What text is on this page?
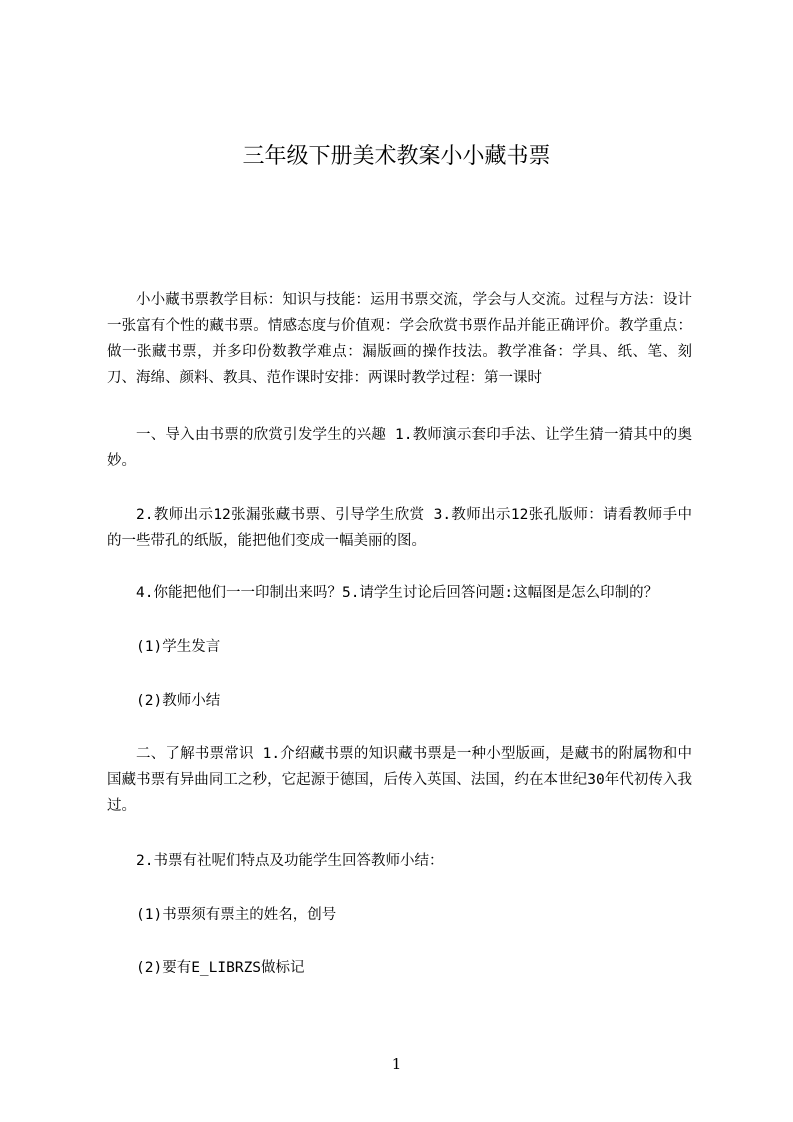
三年级下册美术教案小小藏书票

小小藏书票教学目标：知识与技能：运用书票交流，学会与人交流。过程与方法：设计一张富有个性的藏书票。情感态度与价值观：学会欣赏书票作品并能正确评价。教学重点：做一张藏书票，并多印份数教学难点：漏版画的操作技法。教学准备：学具、纸、笔、刻刀、海绵、颜料、教具、范作课时安排：两课时教学过程：第一课时

一、导入由书票的欣赏引发学生的兴趣 1.教师演示套印手法、让学生猜一猜其中的奥妙。

2.教师出示12张漏张藏书票、引导学生欣赏 3.教师出示12张孔版师：请看教师手中的一些带孔的纸版，能把他们变成一幅美丽的图。

4.你能把他们一一印制出来吗？5.请学生讨论后回答问题:这幅图是怎么印制的？

(1)学生发言

(2)教师小结

二、了解书票常识 1.介绍藏书票的知识藏书票是一种小型版画，是藏书的附属物和中国藏书票有异曲同工之秒，它起源于德国，后传入英国、法国，约在本世纪30年代初传入我过。

2.书票有社呢们特点及功能学生回答教师小结：

(1)书票须有票主的姓名，创号

(2)要有E_LIBRZS做标记

1
